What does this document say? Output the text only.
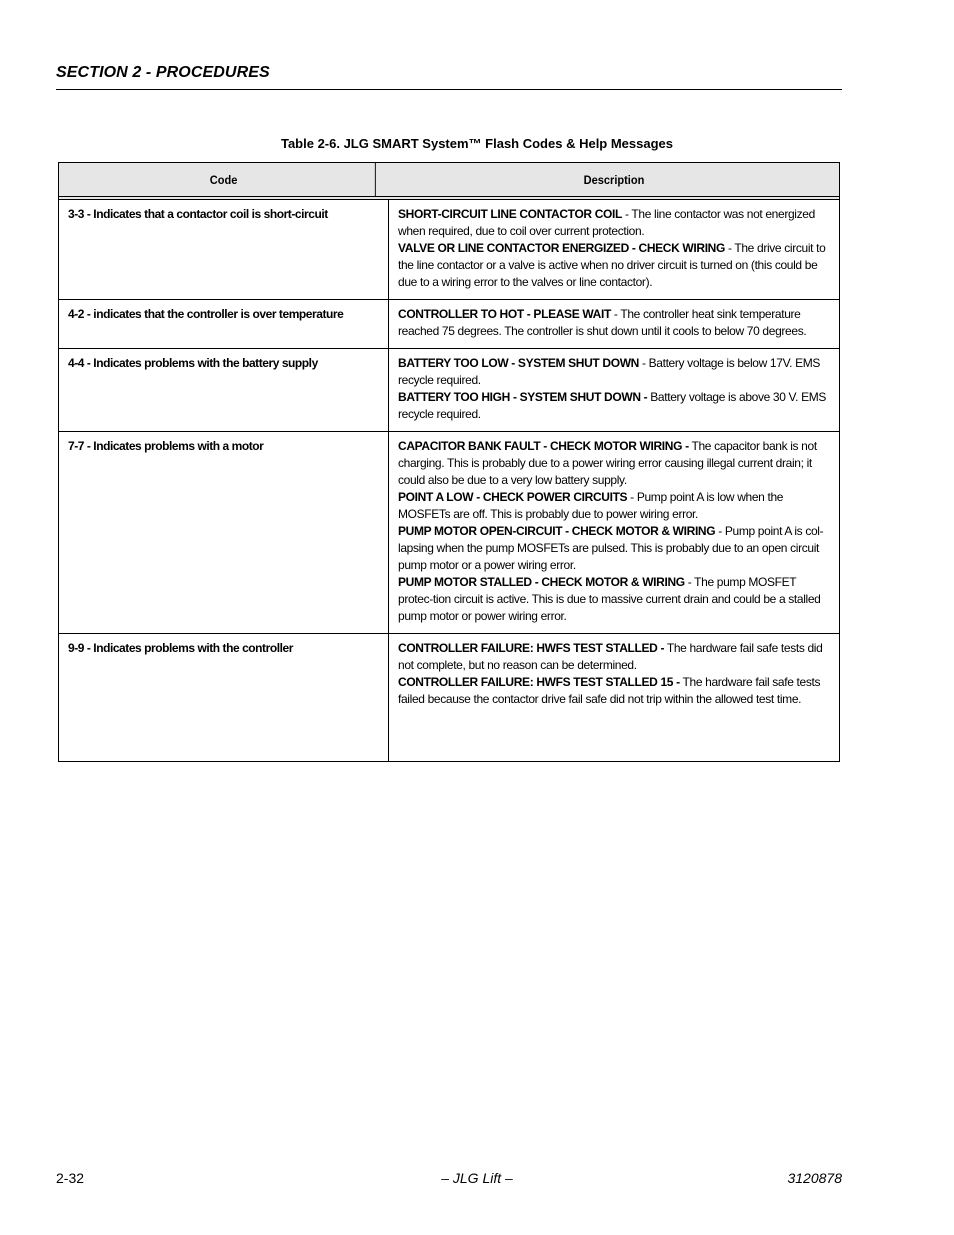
SECTION 2 - PROCEDURES
Table 2-6. JLG SMART System™ Flash Codes & Help Messages
Code	Description
3-3 - Indicates that a contactor coil is short-circuit	SHORT-CIRCUIT LINE CONTACTOR COIL - The line contactor was not energized when required, due to coil over current protection.
VALVE OR LINE CONTACTOR ENERGIZED - CHECK WIRING - The drive circuit to the line contactor or a valve is active when no driver circuit is turned on (this could be due to a wiring error to the valves or line contactor).
4-2 - indicates that the controller is over temperature	CONTROLLER TO HOT - PLEASE WAIT - The controller heat sink temperature reached 75 degrees. The controller is shut down until it cools to below 70 degrees.
4-4 - Indicates problems with the battery supply	BATTERY TOO LOW - SYSTEM SHUT DOWN - Battery voltage is below 17V. EMS recycle required.
BATTERY TOO HIGH - SYSTEM SHUT DOWN - Battery voltage is above 30 V. EMS recycle required.
7-7 - Indicates problems with a motor	CAPACITOR BANK FAULT - CHECK MOTOR WIRING - The capacitor bank is not charging. This is probably due to a power wiring error causing illegal current drain; it could also be due to a very low battery supply.
POINT A LOW - CHECK POWER CIRCUITS - Pump point A is low when the MOSFETs are off. This is probably due to power wiring error.
PUMP MOTOR OPEN-CIRCUIT - CHECK MOTOR & WIRING - Pump point A is col-lapsing when the pump MOSFETs are pulsed. This is probably due to an open circuit pump motor or a power wiring error.
PUMP MOTOR STALLED - CHECK MOTOR & WIRING - The pump MOSFET protec-tion circuit is active. This is due to massive current drain and could be a stalled pump motor or power wiring error.
9-9 - Indicates problems with the controller	CONTROLLER FAILURE: HWFS TEST STALLED - The hardware fail safe tests did not complete, but no reason can be determined.
CONTROLLER FAILURE: HWFS TEST STALLED 15 - The hardware fail safe tests failed because the contactor drive fail safe did not trip within the allowed test time.
2-32	– JLG Lift –	3120878
